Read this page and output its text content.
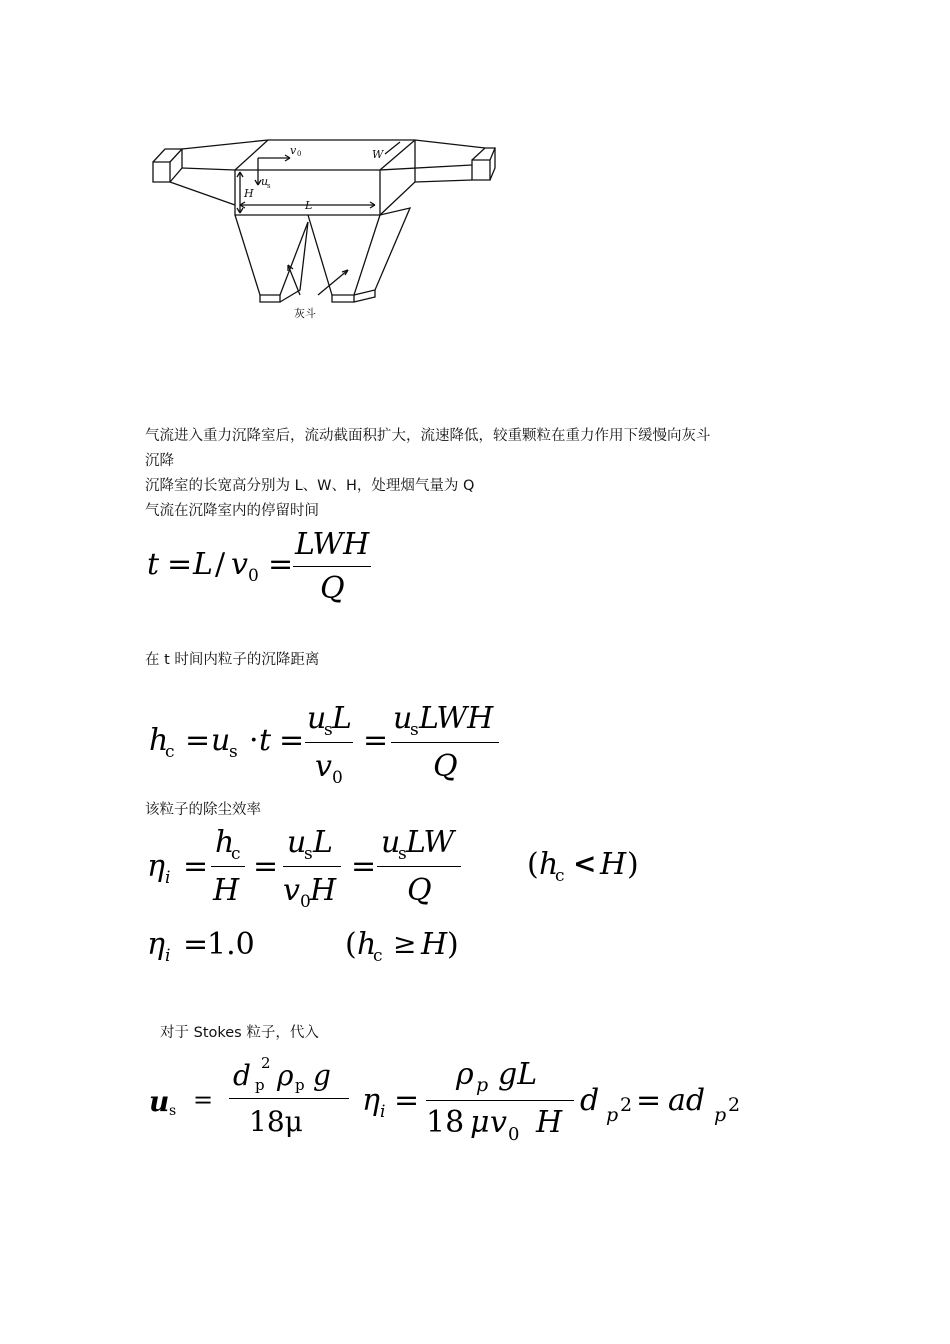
v 0	W
u
s
H
L
灰斗
气流进入重力沉降室后，流动截面积扩大，流速降低，较重颗粒在重力作用下缓慢向灰斗
沉降
沉降室的长宽高分别为 L、W、H，处理烟气量为 Q
气流在沉降室内的停留时间
t = L / v 0 =
LWH
Q
在 t 时间内粒子的沉降距离
h
c = u
s · t =
u
s L
v 0
=
u
s LWH
Q
该粒子的除尘效率
η i =
h
c
H
=
u
s L
v 0 H
=
u
s LW
Q
( h
c < H )
η i =
1.0	( h
c ≥ H )
对于 Stokes 粒子，代入
u s =
d 2
p ρ p g
18μ
η i =
ρ p gL
18 μ v 0 H
d p 2 = ad p 2
